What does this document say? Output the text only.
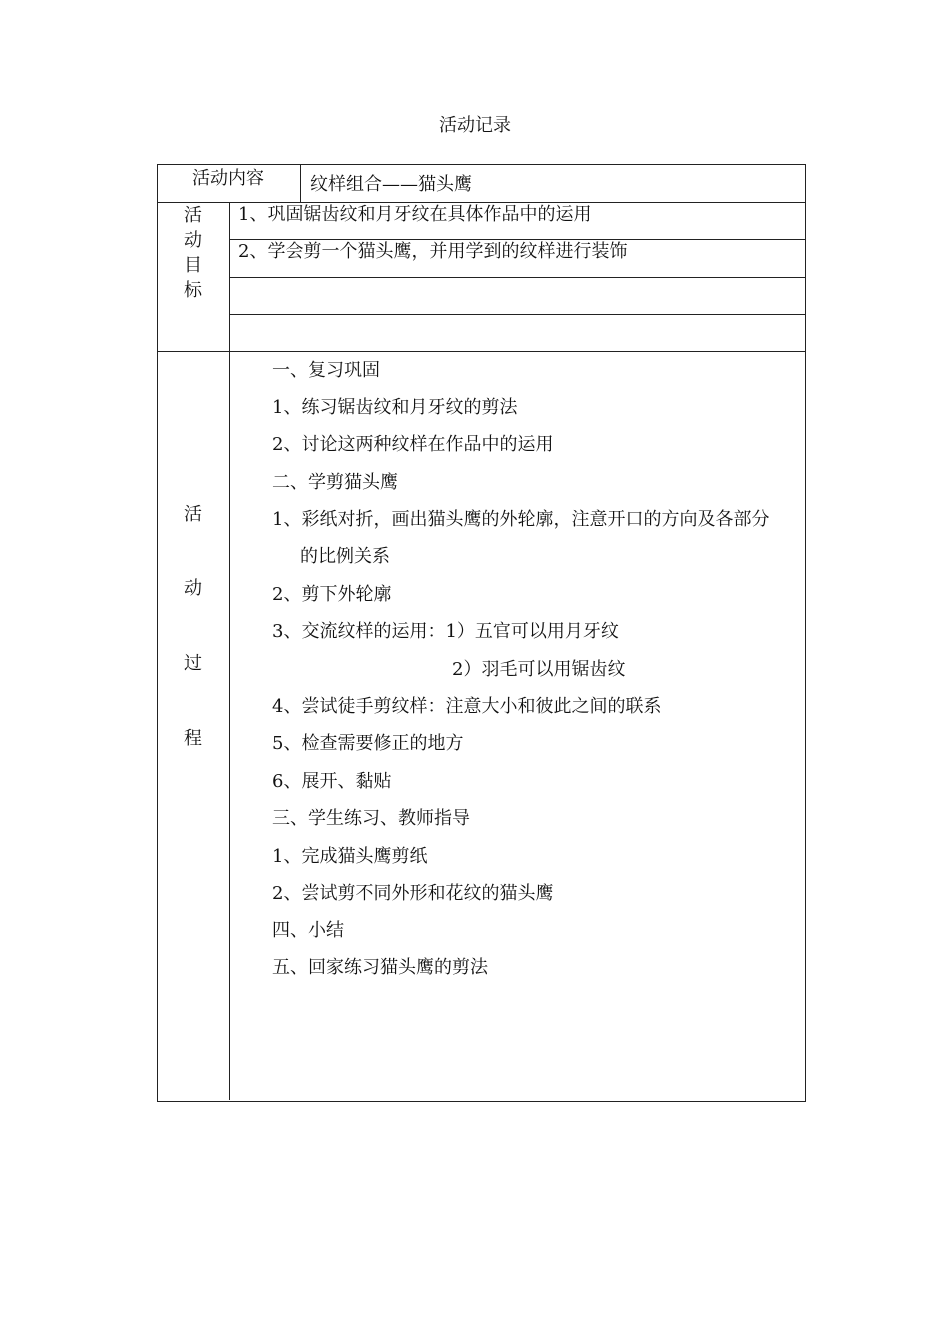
活动记录
活动内容	纹样组合——猫头鹰
活
动
目
标
1、巩固锯齿纹和月牙纹在具体作品中的运用
2、学会剪一个猫头鹰，并用学到的纹样进行装饰
活
动
过
程
一、复习巩固
1、练习锯齿纹和月牙纹的剪法
2、讨论这两种纹样在作品中的运用
二、学剪猫头鹰
1、彩纸对折，画出猫头鹰的外轮廓，注意开口的方向及各部分
的比例关系
2、剪下外轮廓
3、交流纹样的运用：1）五官可以用月牙纹
2）羽毛可以用锯齿纹
4、尝试徒手剪纹样：注意大小和彼此之间的联系
5、检查需要修正的地方
6、展开、黏贴
三、学生练习、教师指导
1、完成猫头鹰剪纸
2、尝试剪不同外形和花纹的猫头鹰
四、小结
五、回家练习猫头鹰的剪法
